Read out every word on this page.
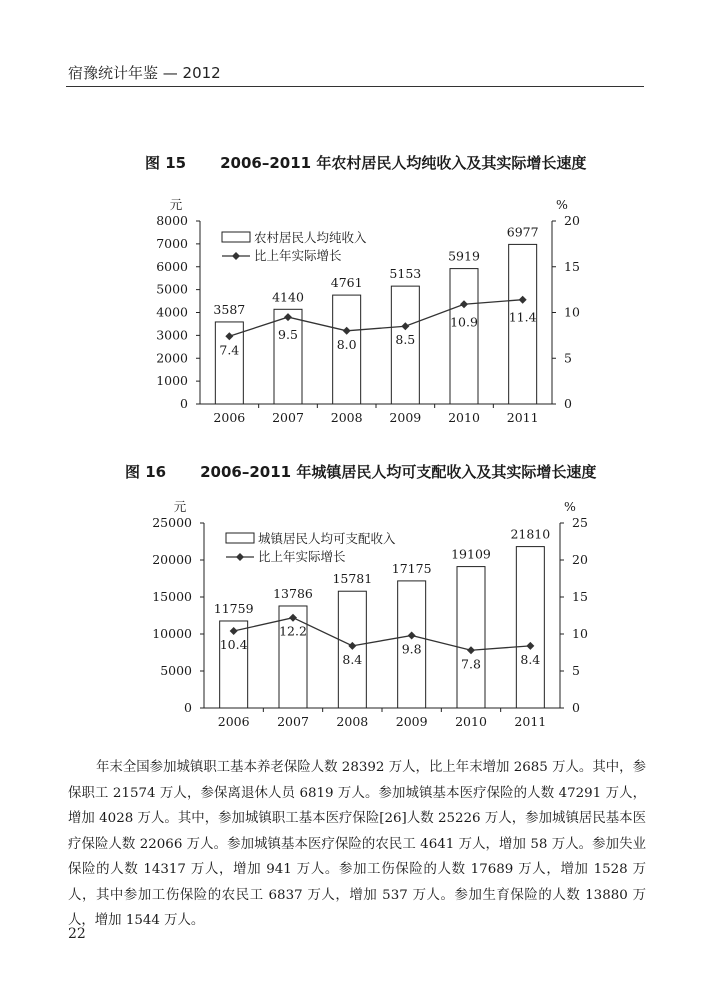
宿豫统计年鉴 — 2012
图 15 2006–2011 年农村居民人均纯收入及其实际增长速度
元	%
0
1000
2000
3000
4000
5000
6000
7000
8000
0
5
10
15
20
2006 2007 2008 2009 2010 2011
3587
4140
4761
5153
5919
6977
7.4
9.5
8.0	8.5
10.9 11.4
农村居民人均纯收入
比上年实际增长
图 16 2006–2011 年城镇居民人均可支配收入及其实际增长速度
元	%
0
5000
10000
15000
20000
25000
0
5
10
15
20
25
2006 2007 2008 2009 2010 2011
11759
13786
15781
17175
19109
21810
10.4
12.2
8.4
9.8
7.8	8.4
城镇居民人均可支配收入
比上年实际增长

年末全国参加城镇职工基本养老保险人数 28392 万人，比上年末增加 2685 万人。其中，参保职工 21574 万人，参保离退休人员 6819 万人。参加城镇基本医疗保险的人数 47291 万人，增加 4028 万人。其中，参加城镇职工基本医疗保险[26]人数 25226 万人，参加城镇居民基本医疗保险人数 22066 万人。参加城镇基本医疗保险的农民工 4641 万人，增加 58 万人。参加失业保险的人数 14317 万人，增加 941 万人。参加工伤保险的人数 17689 万人，增加 1528 万人，其中参加工伤保险的农民工 6837 万人，增加 537 万人。参加生育保险的人数 13880 万人，增加 1544 万人。

22
